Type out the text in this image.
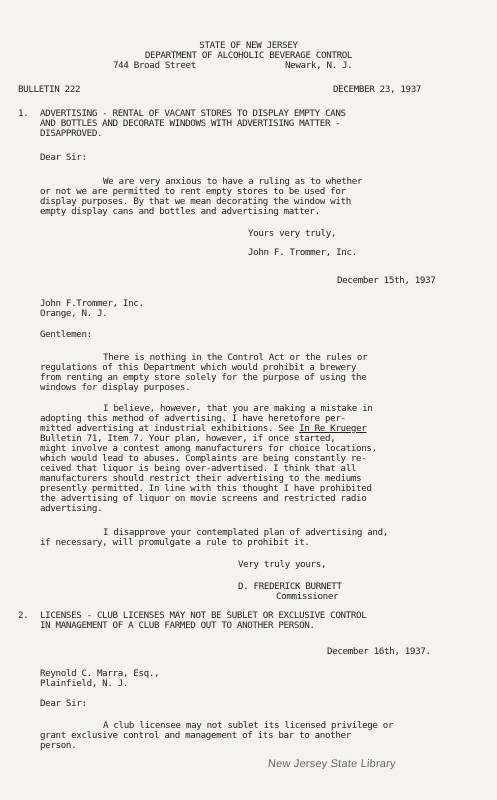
STATE OF NEW JERSEY
DEPARTMENT OF ALCOHOLIC BEVERAGE CONTROL
744 Broad Street	Newark, N. J.
BULLETIN 222	DECEMBER 23, 1937
1. ADVERTISING - RENTAL OF VACANT STORES TO DISPLAY EMPTY CANS
AND BOTTLES AND DECORATE WINDOWS WITH ADVERTISING MATTER -
DISAPPROVED.
Dear Sir:
We are very anxious to have a ruling as to whether
or not we are permitted to rent empty stores to be used for
display purposes. By that we mean decorating the window with
empty display cans and bottles and advertising matter.
Yours very truly,
John F. Trommer, Inc.
December 15th, 1937
John F.Trommer, Inc.
Orange, N. J.
Gentlemen:
There is nothing in the Control Act or the rules or
regulations of this Department which would prohibit a brewery
from renting an empty store solely for the purpose of using the
windows for display purposes.
I believe, however, that you are making a mistake in
adopting this method of advertising. I have heretofore per-
mitted advertising at industrial exhibitions. See In Re Krueger
Bulletin 71, Item 7. Your plan, however, if once started,
might involve a contest among manufacturers for choice locations,
which would lead to abuses. Complaints are being constantly re-
ceived that liquor is being over-advertised. I think that all
manufacturers should restrict their advertising to the mediums
presently permitted. In line with this thought I have prohibited
the advertising of liquor on movie screens and restricted radio
advertising.
I disapprove your contemplated plan of advertising and,
if necessary, will promulgate a rule to prohibit it.
Very truly yours,
D. FREDERICK BURNETT
Commissioner
2. LICENSES - CLUB LICENSES MAY NOT BE SUBLET OR EXCLUSIVE CONTROL
IN MANAGEMENT OF A CLUB FARMED OUT TO ANOTHER PERSON.
December 16th, 1937.
Reynold C. Marra, Esq.,
Plainfield, N. J.
Dear Sir:
A club licensee may not sublet its licensed privilege or
grant exclusive control and management of its bar to another
person.
New Jersey State Library
